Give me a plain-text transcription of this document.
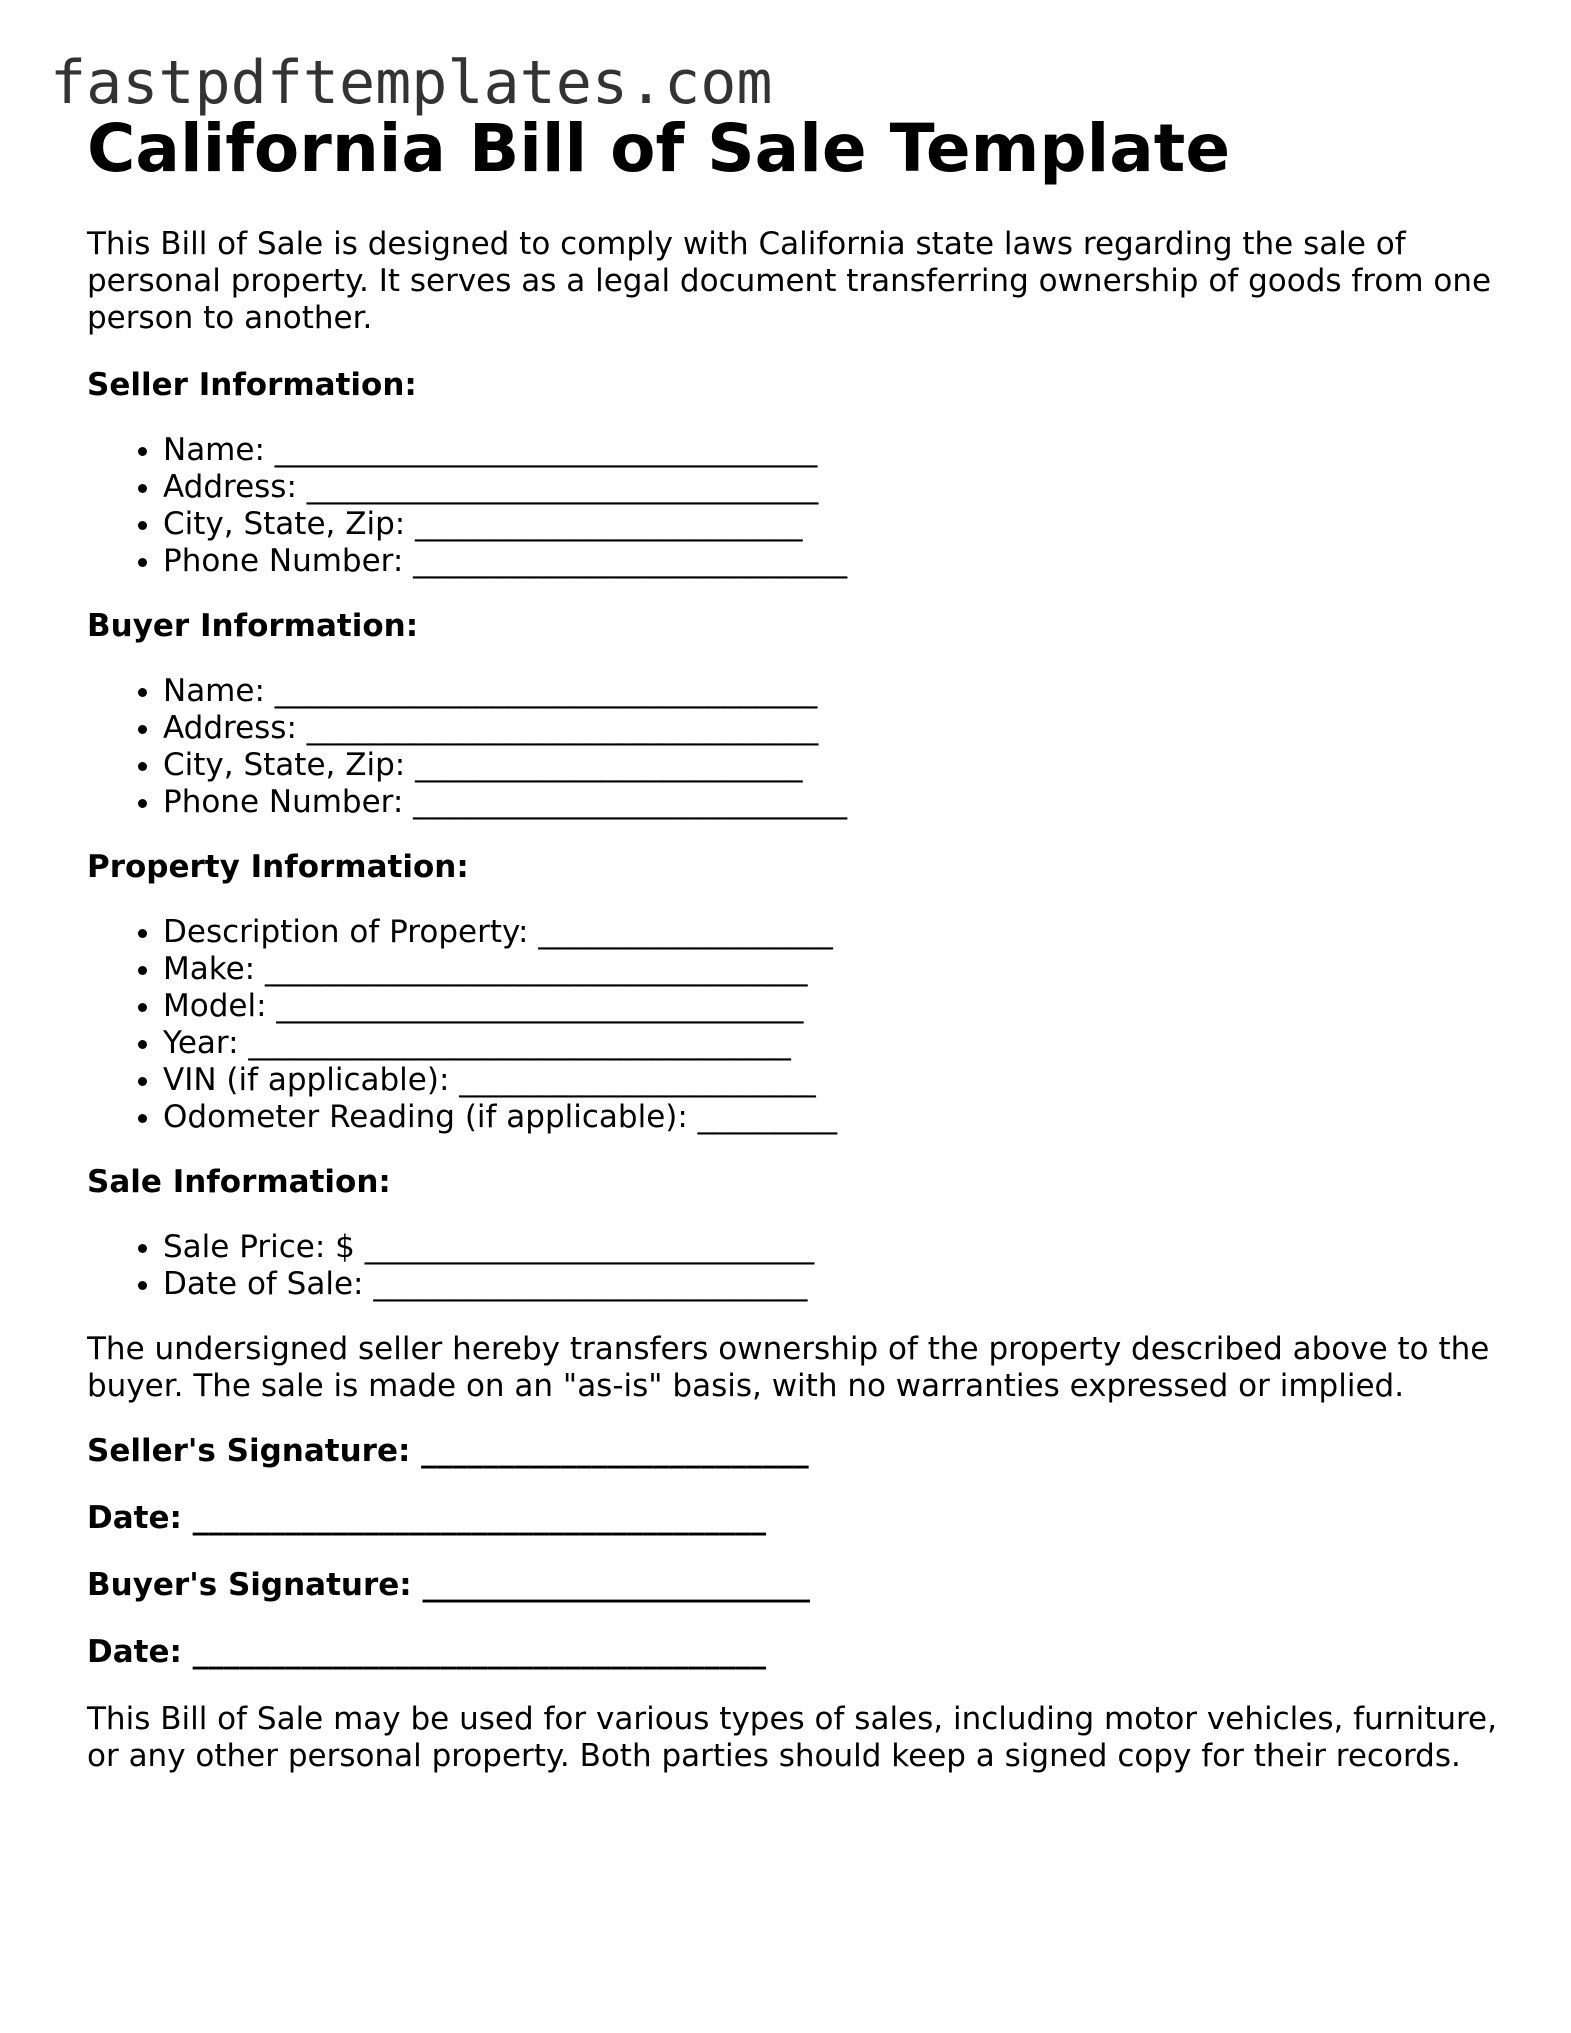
fastpdftemplates.com
California Bill of Sale Template

This Bill of Sale is designed to comply with California state laws regarding the sale of personal property. It serves as a legal document transferring ownership of goods from one person to another.

Seller Information:
• Name: ___________________________________
• Address: _________________________________
• City, State, Zip: _________________________
• Phone Number: ____________________________
Buyer Information:
• Name: ___________________________________
• Address: _________________________________
• City, State, Zip: _________________________
• Phone Number: ____________________________
Property Information:
• Description of Property: ___________________
• Make: ___________________________________
• Model: __________________________________
• Year: ___________________________________
• VIN (if applicable): _______________________
• Odometer Reading (if applicable): _________
Sale Information:
• Sale Price: $ _____________________________
• Date of Sale: ____________________________

The undersigned seller hereby transfers ownership of the property described above to the buyer. The sale is made on an "as-is" basis, with no warranties expressed or implied.

Seller's Signature: _________________________
Date: _____________________________________
Buyer's Signature: _________________________
Date: _____________________________________

This Bill of Sale may be used for various types of sales, including motor vehicles, furniture, or any other personal property. Both parties should keep a signed copy for their records.
